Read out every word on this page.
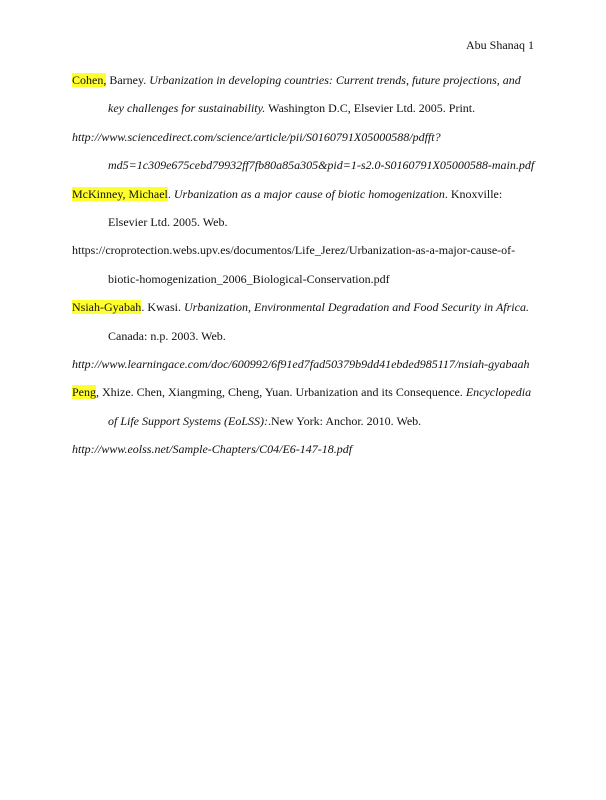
Abu Shanaq 1
Cohen, Barney. Urbanization in developing countries: Current trends, future projections, and
key challenges for sustainability. Washington D.C, Elsevier Ltd. 2005. Print.
http://www.sciencedirect.com/science/article/pii/S0160791X05000588/pdfft?
md5=1c309e675cebd79932ff7fb80a85a305&pid=1-s2.0-S0160791X05000588-main.pdf
McKinney, Michael. Urbanization as a major cause of biotic homogenization. Knoxville:
Elsevier Ltd. 2005. Web.
https://croprotection.webs.upv.es/documentos/Life_Jerez/Urbanization-as-a-major-cause-of-
biotic-homogenization_2006_Biological-Conservation.pdf
Nsiah-Gyabah. Kwasi. Urbanization, Environmental Degradation and Food Security in Africa.
Canada: n.p. 2003. Web.
http://www.learningace.com/doc/600992/6f91ed7fad50379b9dd41ebded985117/nsiah-gyabaah
Peng, Xhize. Chen, Xiangming, Cheng, Yuan. Urbanization and its Consequence. Encyclopedia
of Life Support Systems (EoLSS):.New York: Anchor. 2010. Web.
http://www.eolss.net/Sample-Chapters/C04/E6-147-18.pdf
